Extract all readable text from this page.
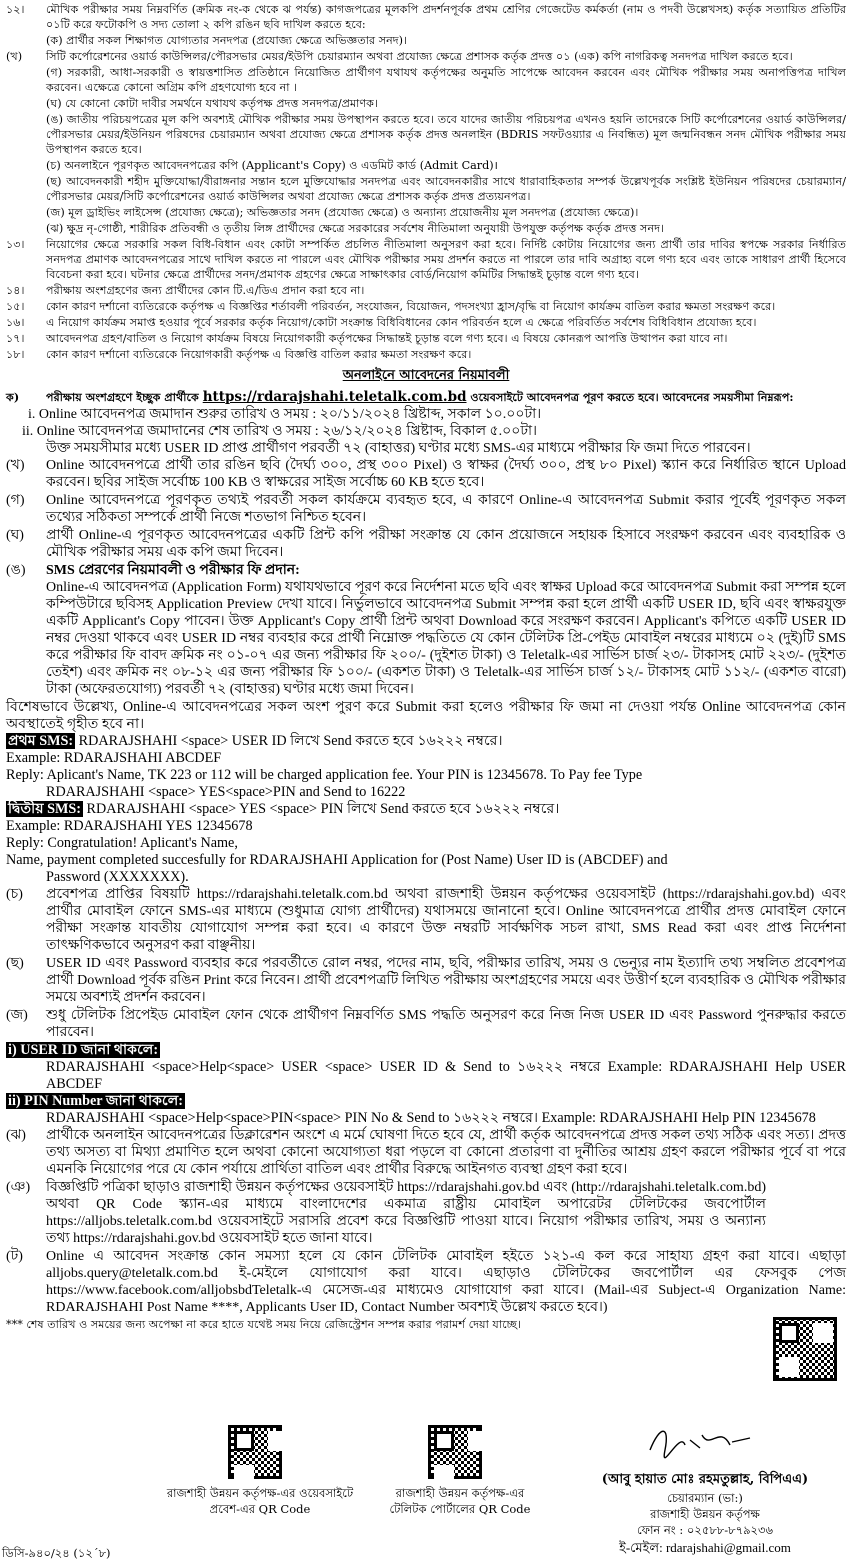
১২।	মৌখিক পরীক্ষার সময় নিম্নবর্ণিত (ক্রমিক নং-ক থেকে ঝ পর্যন্ত) কাগজপত্রের মূলকপি প্রদর্শনপূর্বক প্রথম শ্রেণির গেজেটেড কর্মকর্তা (নাম ও পদবী উল্লেখসহ) কর্তৃক সত্যায়িত প্রতিটির ০১টি করে ফটোকপি ও সদ্য তোলা ২ কপি রঙিন ছবি দাখিল করতে হবে:
(ক) প্রার্থীর সকল শিক্ষাগত যোগ্যতার সনদপত্র (প্রযোজ্য ক্ষেত্রে অভিজ্ঞতার সনদ)।
(খ)	সিটি কর্পোরেশনের ওয়ার্ড কাউন্সিলর/পৌরসভার মেয়র/ইউপি চেয়ারম্যান অথবা প্রযোজ্য ক্ষেত্রে প্রশাসক কর্তৃক প্রদত্ত ০১ (এক) কপি নাগরিকত্ব সনদপত্র দাখিল করতে হবে।
(গ) সরকারী, আধা-সরকারী ও স্বায়ত্তশাসিত প্রতিষ্ঠানে নিয়োজিত প্রার্থীগণ যথাযথ কর্তৃপক্ষের অনুমতি সাপেক্ষে আবেদন করবেন এবং মৌখিক পরীক্ষার সময় অনাপত্তিপত্র দাখিল করবেন। এক্ষেত্রে কোনো অগ্রিম কপি গ্রহণযোগ্য হবে না ।
(ঘ) যে কোনো কোটা দাবীর সমর্থনে যথাযথ কর্তৃপক্ষ প্রদত্ত সনদপত্র/প্রমাণক।
(ঙ) জাতীয় পরিচয়পত্রের মূল কপি অবশ্যই মৌখিক পরীক্ষার সময় উপস্থাপন করতে হবে। তবে যাদের জাতীয় পরিচয়পত্র এখনও হয়নি তাদেরকে সিটি কর্পোরেশনের ওয়ার্ড কাউন্সিলর/পৌরসভার মেয়র/ইউনিয়ন পরিষদের চেয়ারম্যান অথবা প্রযোজ্য ক্ষেত্রে প্রশাসক কর্তৃক প্রদত্ত অনলাইন (BDRIS সফটওয়্যার এ নিবন্ধিত) মূল জন্মনিবন্ধন সনদ মৌখিক পরীক্ষার সময় উপস্থাপন করতে হবে।
(চ) অনলাইনে পূরণকৃত আবেদনপত্রের কপি (Applicant's Copy) ও এডমিট কার্ড (Admit Card)।
(ছ) আবেদনকারী শহীদ মুক্তিযোদ্ধা/বীরাঙ্গনার সন্তান হলে মুক্তিযোদ্ধার সনদপত্র এবং আবেদনকারীর সাথে ধারাবাহিকতার সম্পর্ক উল্লেখপূর্বক সংশ্লিষ্ট ইউনিয়ন পরিষদের চেয়ারম্যান/পৌরসভার মেয়র/সিটি কর্পোরেশনের ওয়ার্ড কাউন্সিলর অথবা প্রযোজ্য ক্ষেত্রে প্রশাসক কর্তৃক প্রদত্ত প্রত্যয়নপত্র।
(জ) মূল ড্রাইভিং লাইসেন্স (প্রযোজ্য ক্ষেত্রে); অভিজ্ঞতার সনদ (প্রযোজ্য ক্ষেত্রে) ও অন্যান্য প্রয়োজনীয় মূল সনদপত্র (প্রযোজ্য ক্ষেত্রে)।
(ঝ) ক্ষুদ্র নৃ-গোষ্ঠী, শারীরিক প্রতিবন্ধী ও তৃতীয় লিঙ্গ প্রার্থীদের ক্ষেত্রে সরকারের সর্বশেষ নীতিমালা অনুযায়ী উপযুক্ত কর্তৃপক্ষ কর্তৃক প্রদত্ত সনদ।
১৩।	নিয়োগের ক্ষেত্রে সরকারি সকল বিধি-বিধান এবং কোটা সম্পর্কিত প্রচলিত নীতিমালা অনুসরণ করা হবে। নির্দিষ্ট কোটায় নিয়োগের জন্য প্রার্থী তার দাবির স্বপক্ষে সরকার নির্ধারিত সনদপত্র প্রমাণক আবেদনপত্রের সাথে দাখিল করতে না পারলে এবং মৌখিক পরীক্ষার সময় প্রদর্শন করতে না পারলে তার দাবি অগ্রাহ্য বলে গণ্য হবে এবং তাকে সাধারণ প্রার্থী হিসেবে বিবেচনা করা হবে। ঘটনার ক্ষেত্রে প্রার্থীদের সনদ/প্রমাণক গ্রহণের ক্ষেত্রে সাক্ষাৎকার বোর্ড/নিয়োগ কমিটির সিদ্ধান্তই চূড়ান্ত বলে গণ্য হবে।
১৪।	পরীক্ষায় অংশগ্রহণের জন্য প্রার্থীদের কোন টি.এ/ডিএ প্রদান করা হবে না।
১৫।	কোন কারণ দর্শানো ব্যতিরেকে কর্তৃপক্ষ এ বিজ্ঞপ্তির শর্তাবলী পরিবর্তন, সংযোজন, বিয়োজন, পদসংখ্যা হ্রাস/বৃদ্ধি বা নিয়োগ কার্যক্রম বাতিল করার ক্ষমতা সংরক্ষণ করে।
১৬।	এ নিয়োগ কার্যক্রম সমাপ্ত হওয়ার পূর্বে সরকার কর্তৃক নিয়োগ/কোটা সংক্রান্ত বিধিবিধানের কোন পরিবর্তন হলে এ ক্ষেত্রে পরিবর্তিত সর্বশেষ বিধিবিধান প্রযোজ্য হবে।
১৭।	আবেদনপত্র গ্রহণ/বাতিল ও নিয়োগ কার্যক্রম বিষয়ে নিয়োগকারী কর্তৃপক্ষের সিদ্ধান্তই চূড়ান্ত বলে গণ্য হবে। এ বিষয়ে কোনরূপ আপত্তি উত্থাপন করা যাবে না।
১৮।	কোন কারণ দর্শানো ব্যতিরেকে নিয়োগকারী কর্তৃপক্ষ এ বিজ্ঞপ্তি বাতিল করার ক্ষমতা সংরক্ষণ করে।
অনলাইনে আবেদনের নিয়মাবলী
ক)	পরীক্ষায় অংশগ্রহণে ইচ্ছুক প্রার্থীকে https://rdarajshahi.teletalk.com.bd ওয়েবসাইটে আবেদনপত্র পূরণ করতে হবে। আবেদনের সময়সীমা নিম্নরূপ:
i. Online আবেদনপত্র জমাদান শুরুর তারিখ ও সময় : ২০/১১/২০২৪ খ্রিষ্টাব্দ, সকাল ১০.০০টা।
ii. Online আবেদনপত্র জমাদানের শেষ তারিখ ও সময় : ২৬/১২/২০২৪ খ্রিষ্টাব্দ, বিকাল ৫.০০টা।
উক্ত সময়সীমার মধ্যে USER ID প্রাপ্ত প্রার্থীগণ পরবর্তী ৭২ (বাহাত্তর) ঘণ্টার মধ্যে SMS-এর মাধ্যমে পরীক্ষার ফি জমা দিতে পারবেন।
(খ)	Online আবেদনপত্রে প্রার্থী তার রঙিন ছবি (দৈর্ঘ্য ৩০০, প্রস্থ ৩০০ Pixel) ও স্বাক্ষর (দৈর্ঘ্য ৩০০, প্রস্থ ৮০ Pixel) স্ক্যান করে নির্ধারিত স্থানে Upload করবেন। ছবির সাইজ সর্বোচ্চ 100 KB ও স্বাক্ষরের সাইজ সর্বোচ্চ 60 KB হতে হবে।
(গ)	Online আবেদনপত্রে পূরণকৃত তথ্যই পরবর্তী সকল কার্যক্রমে ব্যবহৃত হবে, এ কারণে Online-এ আবেদনপত্র Submit করার পূর্বেই পূরণকৃত সকল তথ্যের সঠিকতা সম্পর্কে প্রার্থী নিজে শতভাগ নিশ্চিত হবেন।
(ঘ)	প্রার্থী Online-এ পূরণকৃত আবেদনপত্রের একটি প্রিন্ট কপি পরীক্ষা সংক্রান্ত যে কোন প্রয়োজনে সহায়ক হিসাবে সংরক্ষণ করবেন এবং ব্যবহারিক ও মৌখিক পরীক্ষার সময় এক কপি জমা দিবেন।
(ঙ)	SMS প্রেরণের নিয়মাবলী ও পরীক্ষার ফি প্রদান:
Online-এ আবেদনপত্র (Application Form) যথাযথভাবে পূরণ করে নির্দেশনা মতে ছবি এবং স্বাক্ষর Upload করে আবেদনপত্র Submit করা সম্পন্ন হলে কম্পিউটারে ছবিসহ Application Preview দেখা যাবে। নির্ভুলভাবে আবেদনপত্র Submit সম্পন্ন করা হলে প্রার্থী একটি USER ID, ছবি এবং স্বাক্ষরযুক্ত একটি Applicant's Copy পাবেন। উক্ত Applicant's Copy প্রার্থী প্রিন্ট অথবা Download করে সংরক্ষণ করবেন। Applicant's কপিতে একটি USER ID নম্বর দেওয়া থাকবে এবং USER ID নম্বর ব্যবহার করে প্রার্থী নিম্নোক্ত পদ্ধতিতে যে কোন টেলিটক প্রি-পেইড মোবাইল নম্বরের মাধ্যমে ০২ (দুই)টি SMS করে পরীক্ষার ফি বাবদ ক্রমিক নং ০১-০৭ এর জন্য পরীক্ষার ফি ২০০/- (দুইশত টাকা) ও Teletalk-এর সার্ভিস চার্জ ২৩/- টাকাসহ মোট ২২৩/- (দুইশত তেইশ) এবং ক্রমিক নং ০৮-১২ এর জন্য পরীক্ষার ফি ১০০/- (একশত টাকা) ও Teletalk-এর সার্ভিস চার্জ ১২/- টাকাসহ মোট ১১২/- (একশত বারো) টাকা (অফেরতযোগ্য) পরবর্তী ৭২ (বাহাত্তর) ঘণ্টার মধ্যে জমা দিবেন।
বিশেষভাবে উল্লেখ্য, Online-এ আবেদনপত্রের সকল অংশ পুরণ করে Submit করা হলেও পরীক্ষার ফি জমা না দেওয়া পর্যন্ত Online আবেদনপত্র কোন অবস্থাতেই গৃহীত হবে না।
প্রথম SMS: RDARAJSHAHI <space> USER ID লিখে Send করতে হবে ১৬২২২ নম্বরে।
Example: RDARAJSHAHI ABCDEF
Reply: Aplicant's Name, TK 223 or 112 will be charged application fee. Your PIN is 12345678. To Pay fee Type
RDARAJSHAHI <space> YES<space>PIN and Send to 16222
দ্বিতীয় SMS: RDARAJSHAHI <space> YES <space> PIN লিখে Send করতে হবে ১৬২২২ নম্বরে।
Example: RDARAJSHAHI YES 12345678
Reply: Congratulation! Aplicant's Name,
Name, payment completed succesfully for RDARAJSHAHI Application for (Post Name) User ID is (ABCDEF) and
Password (XXXXXXX).
(চ)	প্রবেশপত্র প্রাপ্তির বিষয়টি https://rdarajshahi.teletalk.com.bd অথবা রাজশাহী উন্নয়ন কর্তৃপক্ষের ওয়েবসাইট (https://rdarajshahi.gov.bd) এবং প্রার্থীর মোবাইল ফোনে SMS-এর মাধ্যমে (শুধুমাত্র যোগ্য প্রার্থীদের) যথাসময়ে জানানো হবে। Online আবেদনপত্রে প্রার্থীর প্রদত্ত মোবাইল ফোনে পরীক্ষা সংক্রান্ত যাবতীয় যোগাযোগ সম্পন্ন করা হবে। এ কারণে উক্ত নম্বরটি সার্বক্ষণিক সচল রাখা, SMS Read করা এবং প্রাপ্ত নির্দেশনা তাৎক্ষণিকভাবে অনুসরণ করা বাঞ্ছনীয়।
(ছ)	USER ID এবং Password ব্যবহার করে পরবর্তীতে রোল নম্বর, পদের নাম, ছবি, পরীক্ষার তারিখ, সময় ও ভেন্যুর নাম ইত্যাদি তথ্য সম্বলিত প্রবেশপত্র প্রার্থী Download পূর্বক রঙিন Print করে নিবেন। প্রার্থী প্রবেশপত্রটি লিখিত পরীক্ষায় অংশগ্রহণের সময়ে এবং উত্তীর্ণ হলে ব্যবহারিক ও মৌখিক পরীক্ষার সময়ে অবশ্যই প্রদর্শন করবেন।
(জ)	শুধু টেলিটক প্রিপেইড মোবাইল ফোন থেকে প্রার্থীগণ নিম্নবর্ণিত SMS পদ্ধতি অনুসরণ করে নিজ নিজ USER ID এবং Password পুনরুদ্ধার করতে পারবেন।
i) USER ID জানা থাকলে:
RDARAJSHAHI <space>Help<space> USER <space> USER ID & Send to ১৬২২২ নম্বরে Example: RDARAJSHAHI Help USER ABCDEF
ii) PIN Number জানা থাকলে:
RDARAJSHAHI <space>Help<space>PIN<space> PIN No & Send to ১৬২২২ নম্বরে। Example: RDARAJSHAHI Help PIN 12345678
(ঝ)	প্রার্থীকে অনলাইন আবেদনপত্রের ডিক্লারেশন অংশে এ মর্মে ঘোষণা দিতে হবে যে, প্রার্থী কর্তৃক আবেদনপত্রে প্রদত্ত সকল তথ্য সঠিক এবং সত্য। প্রদত্ত তথ্য অসত্য বা মিথ্যা প্রমাণিত হলে অথবা কোনো অযোগ্যতা ধরা পড়লে বা কোনো প্রতারণা বা দুর্নীতির আশ্রয় গ্রহণ করলে পরীক্ষার পূর্বে বা পরে এমনকি নিয়োগের পরে যে কোন পর্যায়ে প্রার্থিতা বাতিল এবং প্রার্থীর বিরুদ্ধে আইনগত ব্যবস্থা গ্রহণ করা হবে।
(ঞ)	বিজ্ঞপ্তিটি পত্রিকা ছাড়াও রাজশাহী উন্নয়ন কর্তৃপক্ষের ওয়েবসাইট https://rdarajshahi.gov.bd এবং (http://rdarajshahi.teletalk.com.bd) অথবা QR Code স্ক্যান-এর মাধ্যমে বাংলাদেশের একমাত্র রাষ্ট্রীয় মোবাইল অপারেটর টেলিটকের জবপোর্টাল https://alljobs.teletalk.com.bd ওয়েবসাইটে সরাসরি প্রবেশ করে বিজ্ঞপ্তিটি পাওয়া যাবে। নিয়োগ পরীক্ষার তারিখ, সময় ও অন্যান্য তথ্য https://rdarajshahi.gov.bd ওয়েবসাইট হতে জানা যাবে।
(ট)	Online এ আবেদন সংক্রান্ত কোন সমস্যা হলে যে কোন টেলিটক মোবাইল হইতে ১২১-এ কল করে সাহায্য গ্রহণ করা যাবে। এছাড়া alljobs.query@teletalk.com.bd ই-মেইলে যোগাযোগ করা যাবে। এছাড়াও টেলিটকের জবপোর্টাল এর ফেসবুক পেজ https://www.facebook.com/alljobsbdTeletalk-এ মেসেজ-এর মাধ্যমেও যোগাযোগ করা যাবে। (Mail-এর Subject-এ Organization Name: RDARAJSHAHI Post Name ****, Applicants User ID, Contact Number অবশ্যই উল্লেখ করতে হবে।)
*** শেষ তারিখ ও সময়ের জন্য অপেক্ষা না করে হাতে যথেষ্ট সময় নিয়ে রেজিস্ট্রেশন সম্পন্ন করার পরামর্শ দেয়া যাচ্ছে।
রাজশাহী উন্নয়ন কর্তৃপক্ষ-এর ওয়েবসাইটে
প্রবেশ-এর QR Code
রাজশাহী উন্নয়ন কর্তৃপক্ষ-এর
টেলিটক পোর্টালের QR Code
(আবু হায়াত মোঃ রহমতুল্লাহ, বিপিএএ)
চেয়ারম্যান (ভা:)
রাজশাহী উন্নয়ন কর্তৃপক্ষ
ফোন নং : ০২৫৮৮-৮৭৯২৩৬
ই-মেইল: rdarajshahi@gmail.com
ডিসি-৯৪০/২৪ (১২´৮)
